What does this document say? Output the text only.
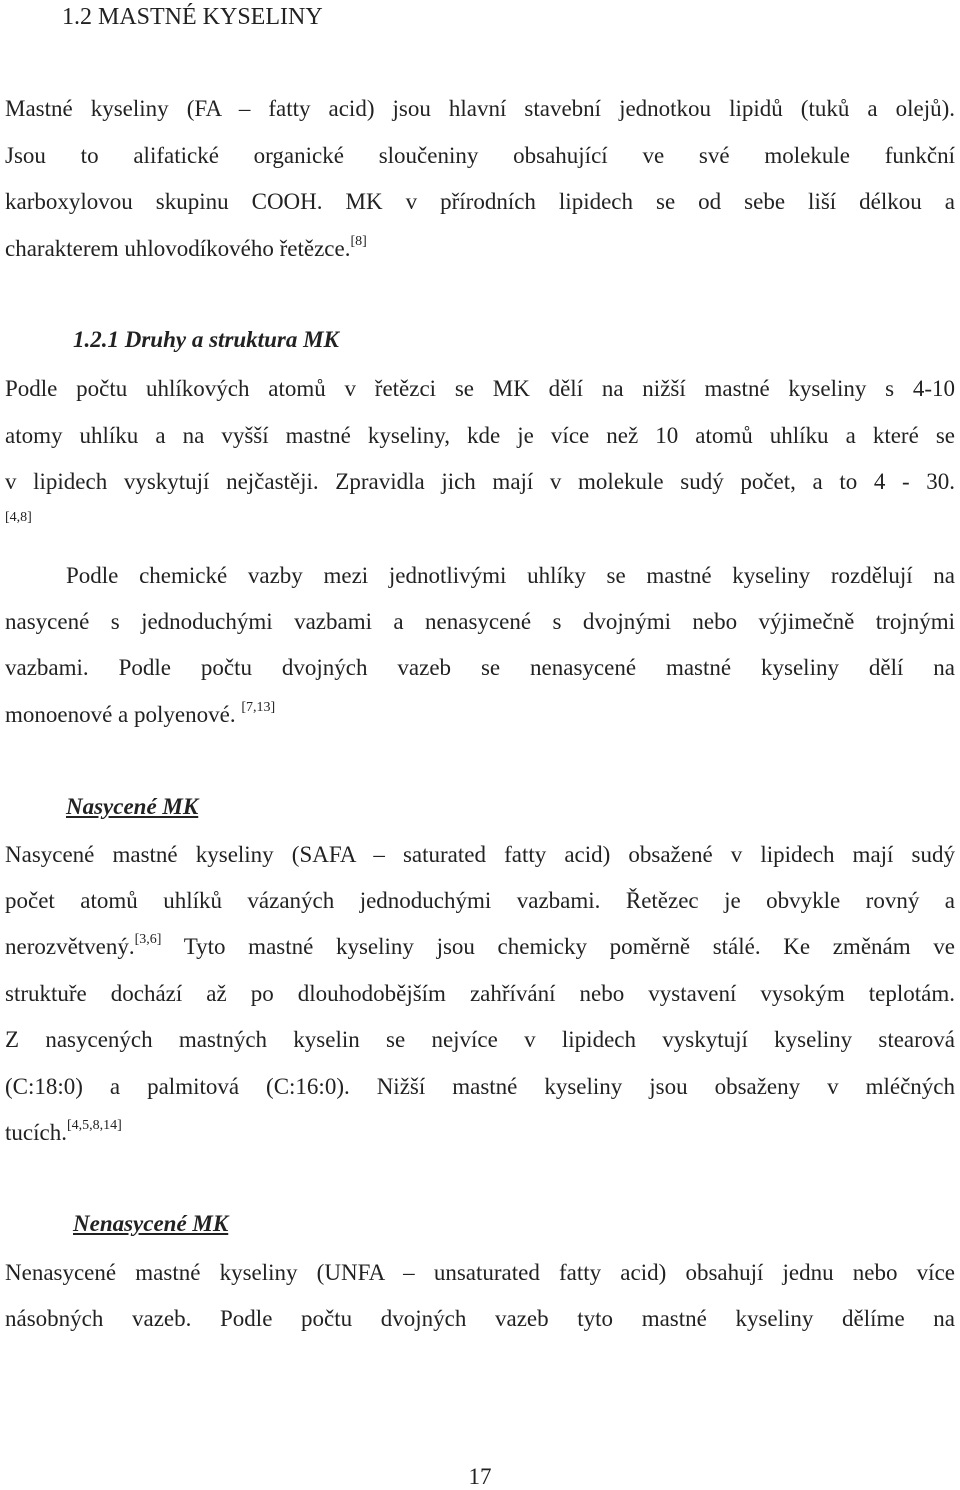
1.2 MASTNÉ KYSELINY
Mastné kyseliny (FA – fatty acid) jsou hlavní stavební jednotkou lipidů (tuků a olejů).
Jsou to alifatické organické sloučeniny obsahující ve své molekule funkční
karboxylovou skupinu COOH. MK v přírodních lipidech se od sebe liší délkou a
charakterem uhlovodíkového řetězce.[8]
1.2.1 Druhy a struktura MK
Podle počtu uhlíkových atomů v řetězci se MK dělí na nižší mastné kyseliny s 4-10
atomy uhlíku a na vyšší mastné kyseliny, kde je více než 10 atomů uhlíku a které se
v lipidech vyskytují nejčastěji. Zpravidla jich mají v molekule sudý počet, a to 4 - 30.
[4,8]
Podle chemické vazby mezi jednotlivými uhlíky se mastné kyseliny rozdělují na
nasycené s jednoduchými vazbami a nenasycené s dvojnými nebo výjimečně trojnými
vazbami. Podle počtu dvojných vazeb se nenasycené mastné kyseliny dělí na
monoenové a polyenové. [7,13]
Nasycené MK
Nasycené mastné kyseliny (SAFA – saturated fatty acid) obsažené v lipidech mají sudý
počet atomů uhlíků vázaných jednoduchými vazbami. Řetězec je obvykle rovný a
nerozvětvený.[3,6] Tyto mastné kyseliny jsou chemicky poměrně stálé. Ke změnám ve
struktuře dochází až po dlouhodobějším zahřívání nebo vystavení vysokým teplotám.
Z nasycených mastných kyselin se nejvíce v lipidech vyskytují kyseliny stearová
(C:18:0) a palmitová (C:16:0). Nižší mastné kyseliny jsou obsaženy v mléčných
tucích.[4,5,8,14]
Nenasycené MK
Nenasycené mastné kyseliny (UNFA – unsaturated fatty acid) obsahují jednu nebo více
násobných vazeb. Podle počtu dvojných vazeb tyto mastné kyseliny dělíme na
17
